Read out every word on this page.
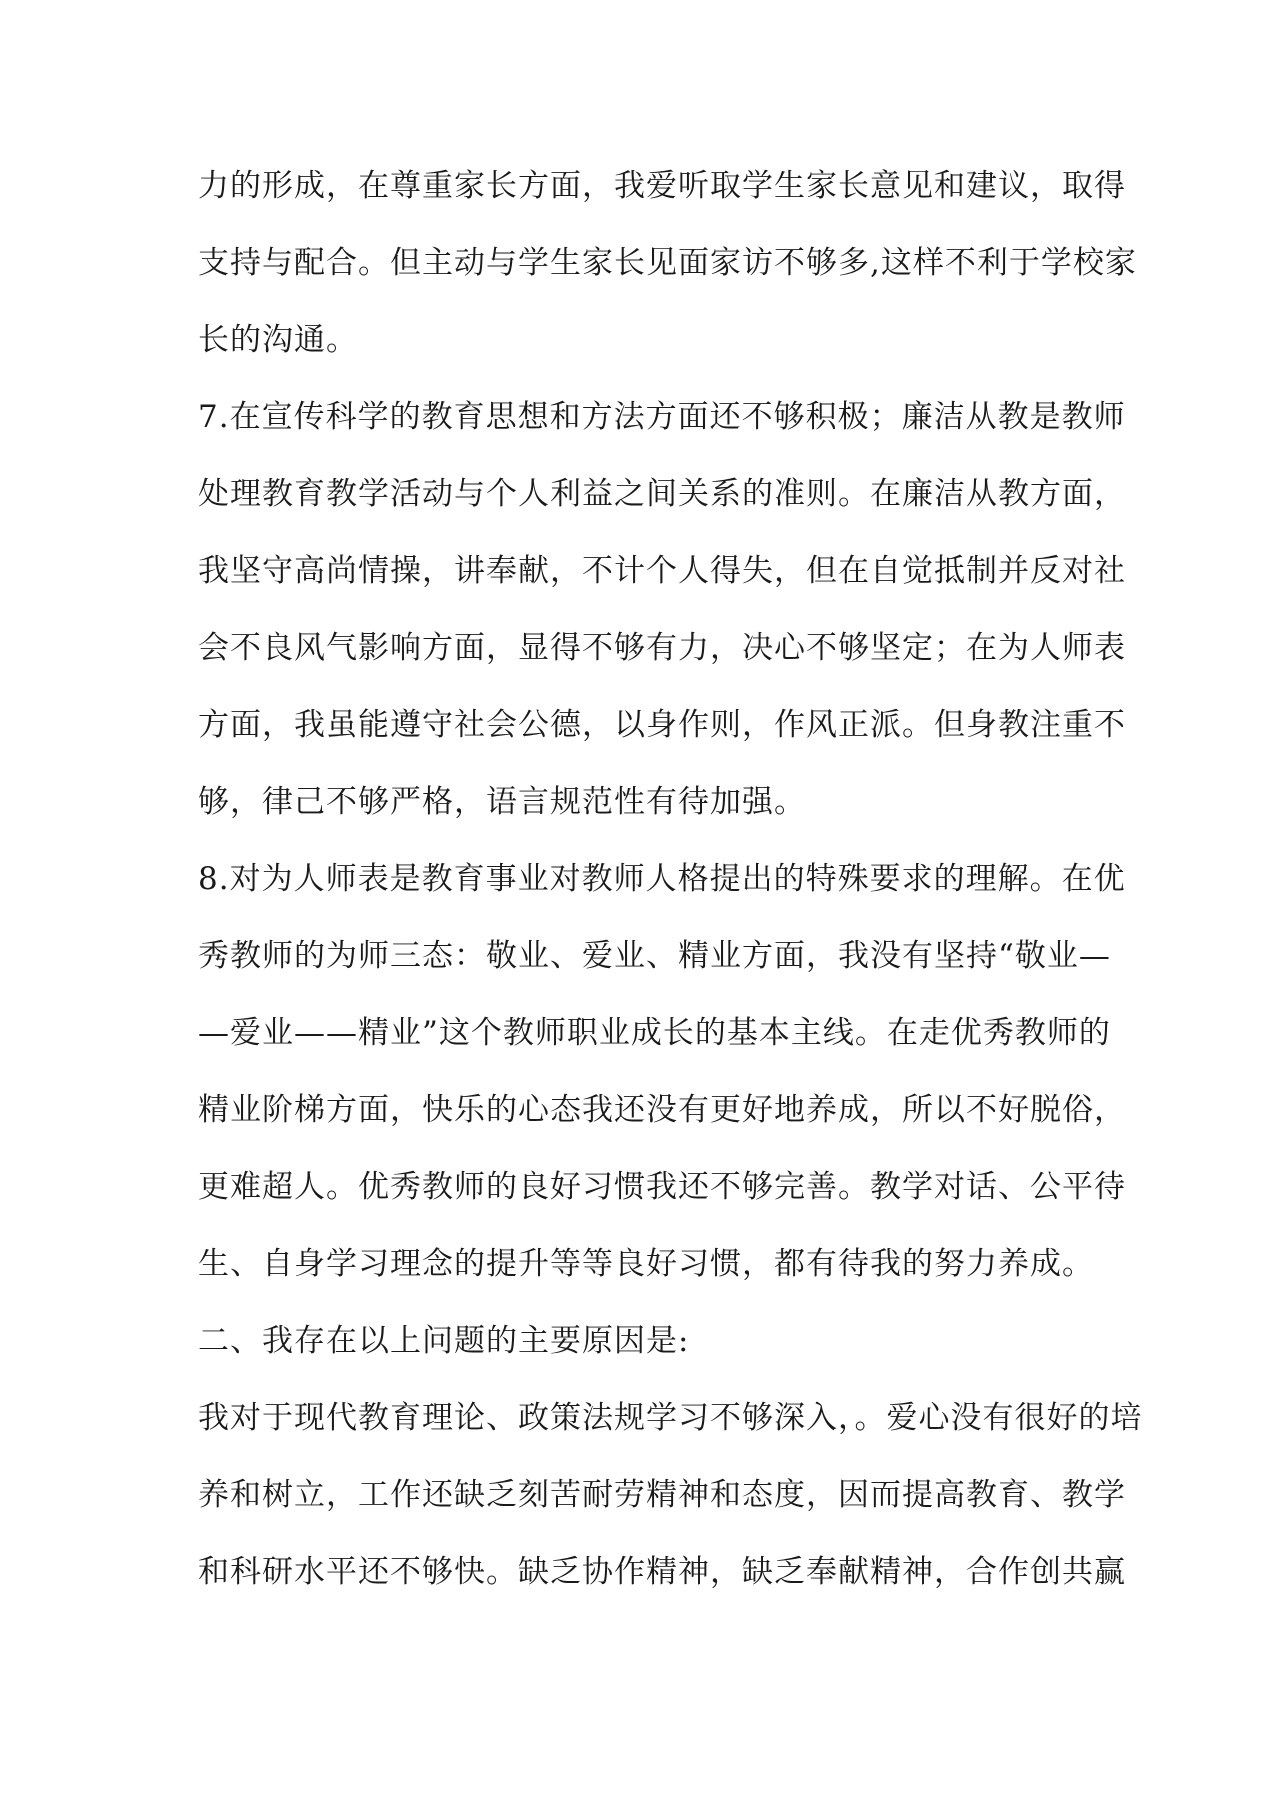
力的形成，在尊重家长方面，我爱听取学生家长意见和建议，取得
支持与配合。但主动与学生家长见面家访不够多,这样不利于学校家
长的沟通。
7.在宣传科学的教育思想和方法方面还不够积极；廉洁从教是教师
处理教育教学活动与个人利益之间关系的准则。在廉洁从教方面，
我坚守高尚情操，讲奉献，不计个人得失，但在自觉抵制并反对社
会不良风气影响方面，显得不够有力，决心不够坚定；在为人师表
方面，我虽能遵守社会公德，以身作则，作风正派。但身教注重不
够，律己不够严格，语言规范性有待加强。
8.对为人师表是教育事业对教师人格提出的特殊要求的理解。在优
秀教师的为师三态：敬业、爱业、精业方面，我没有坚持“敬业—
—爱业——精业”这个教师职业成长的基本主线。在走优秀教师的
精业阶梯方面，快乐的心态我还没有更好地养成，所以不好脱俗，
更难超人。优秀教师的良好习惯我还不够完善。教学对话、公平待
生、自身学习理念的提升等等良好习惯，都有待我的努力养成。
二、我存在以上问题的主要原因是:
我对于现代教育理论、政策法规学习不够深入，。爱心没有很好的培
养和树立，工作还缺乏刻苦耐劳精神和态度，因而提高教育、教学
和科研水平还不够快。缺乏协作精神，缺乏奉献精神，合作创共赢
